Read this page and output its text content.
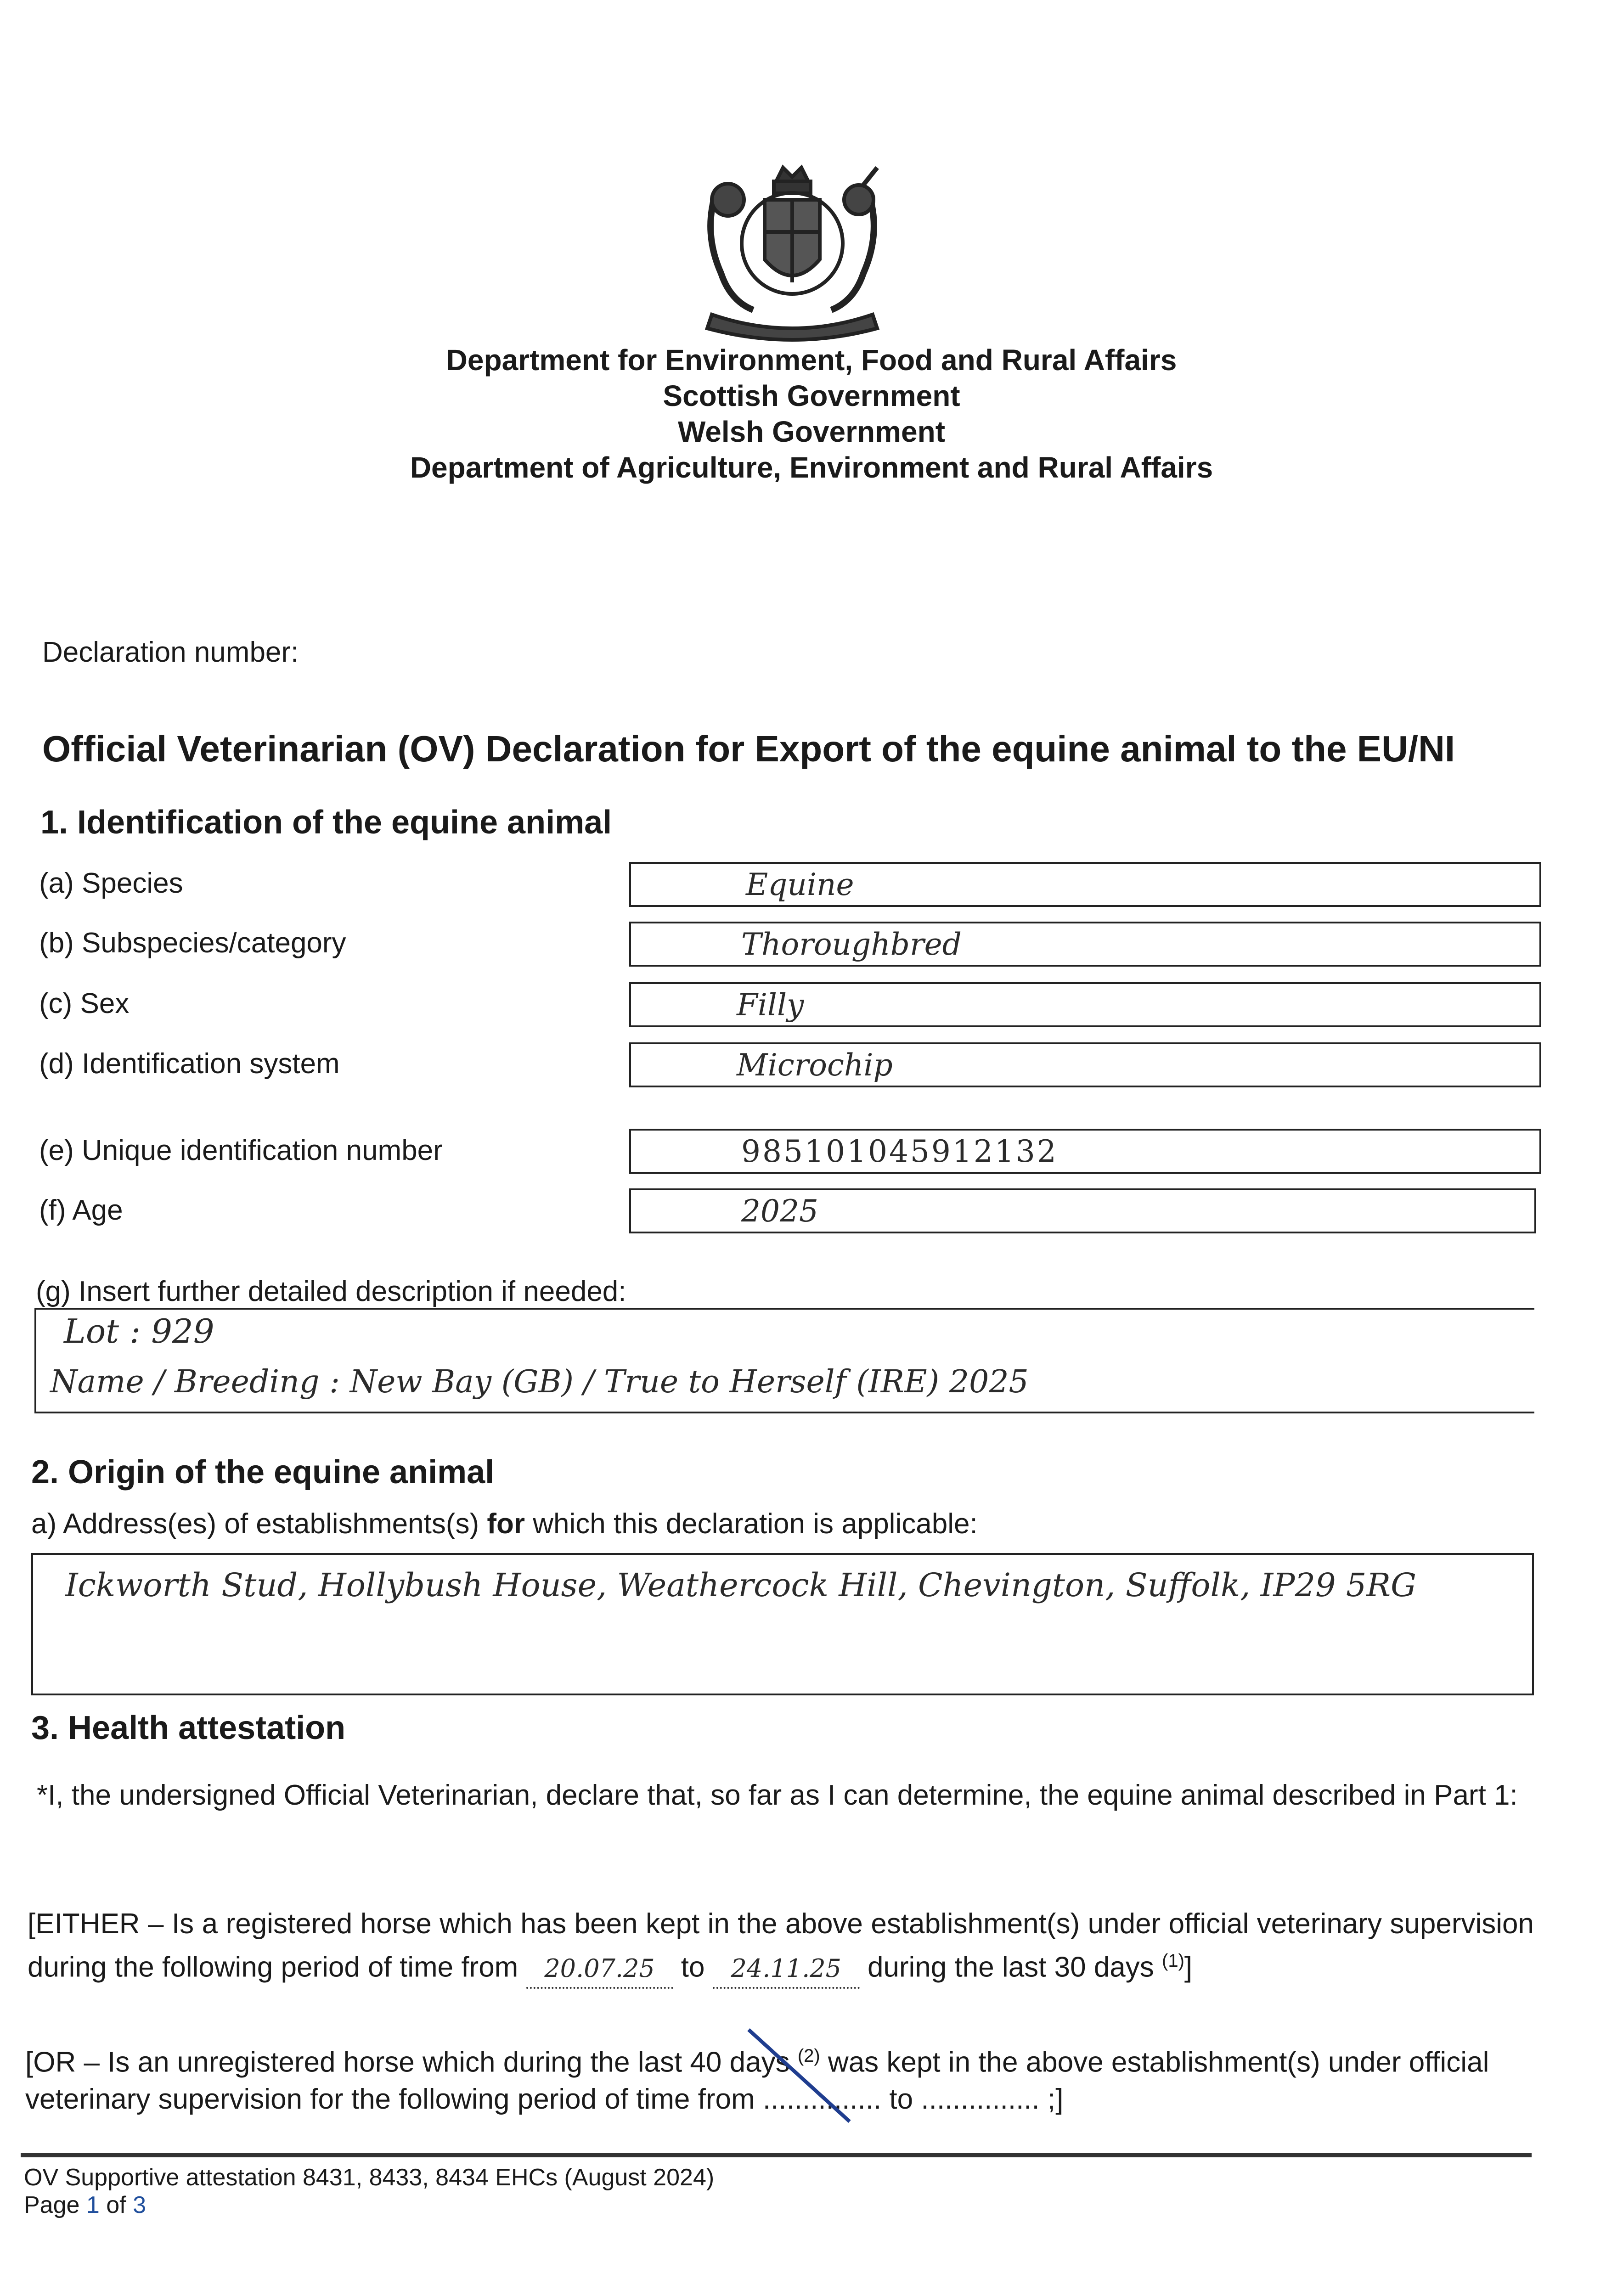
Department for Environment, Food and Rural Affairs
Scottish Government
Welsh Government
Department of Agriculture, Environment and Rural Affairs
Declaration number:
Official Veterinarian (OV) Declaration for Export of the equine animal to the EU/NI
1. Identification of the equine animal
(a) Species	Equine
(b) Subspecies/category	Thoroughbred
(c) Sex	Filly
(d) Identification system	Microchip
(e) Unique identification number	985101045912132
(f) Age	2025
(g) Insert further detailed description if needed:
Lot : 929
Name / Breeding : New Bay (GB) / True to Herself (IRE) 2025
2. Origin of the equine animal
a) Address(es) of establishments(s) for which this declaration is applicable:
Ickworth Stud, Hollybush House, Weathercock Hill, Chevington, Suffolk, IP29 5RG
3. Health attestation
*I, the undersigned Official Veterinarian, declare that, so far as I can determine, the equine animal described in Part 1:
[EITHER – Is a registered horse which has been kept in the above establishment(s) under official veterinary supervision during the following period of time from 20.07.25 to 24.11.25 during the last 30 days $^{(1)}$]
[OR – Is an unregistered horse which during the last 40 days $^{(2)}$ was kept in the above establishment(s) under official veterinary supervision for the following period of time from ............... to ............... ;]
OV Supportive attestation 8431, 8433, 8434 EHCs (August 2024)
Page 1 of 3
